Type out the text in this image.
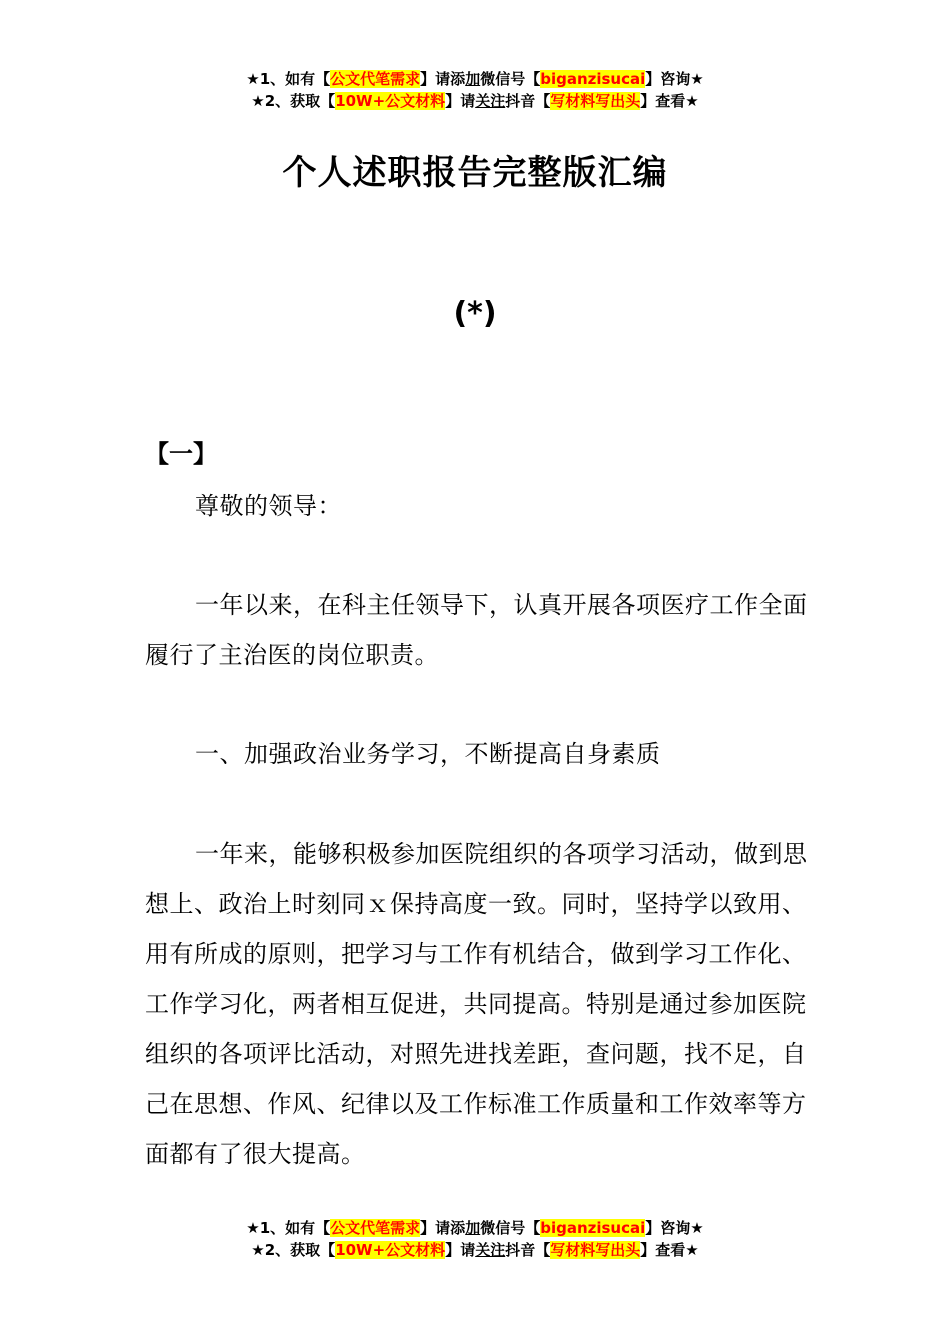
★1、如有【公文代笔需求】请添加微信号【biganzisucai】咨询★
★2、获取【10W+公文材料】请关注抖音【写材料写出头】查看★
个人述职报告完整版汇编
(*)
【一】

尊敬的领导：

一年以来，在科主任领导下，认真开展各项医疗工作全面履行了主治医的岗位职责。

一、加强政治业务学习，不断提高自身素质

一年来，能够积极参加医院组织的各项学习活动，做到思想上、政治上时刻同ｘ保持高度一致。同时，坚持学以致用、用有所成的原则，把学习与工作有机结合，做到学习工作化、工作学习化，两者相互促进，共同提高。特别是通过参加医院组织的各项评比活动，对照先进找差距，查问题，找不足，自己在思想、作风、纪律以及工作标准工作质量和工作效率等方面都有了很大提高。

★1、如有【公文代笔需求】请添加微信号【biganzisucai】咨询★
★2、获取【10W+公文材料】请关注抖音【写材料写出头】查看★
